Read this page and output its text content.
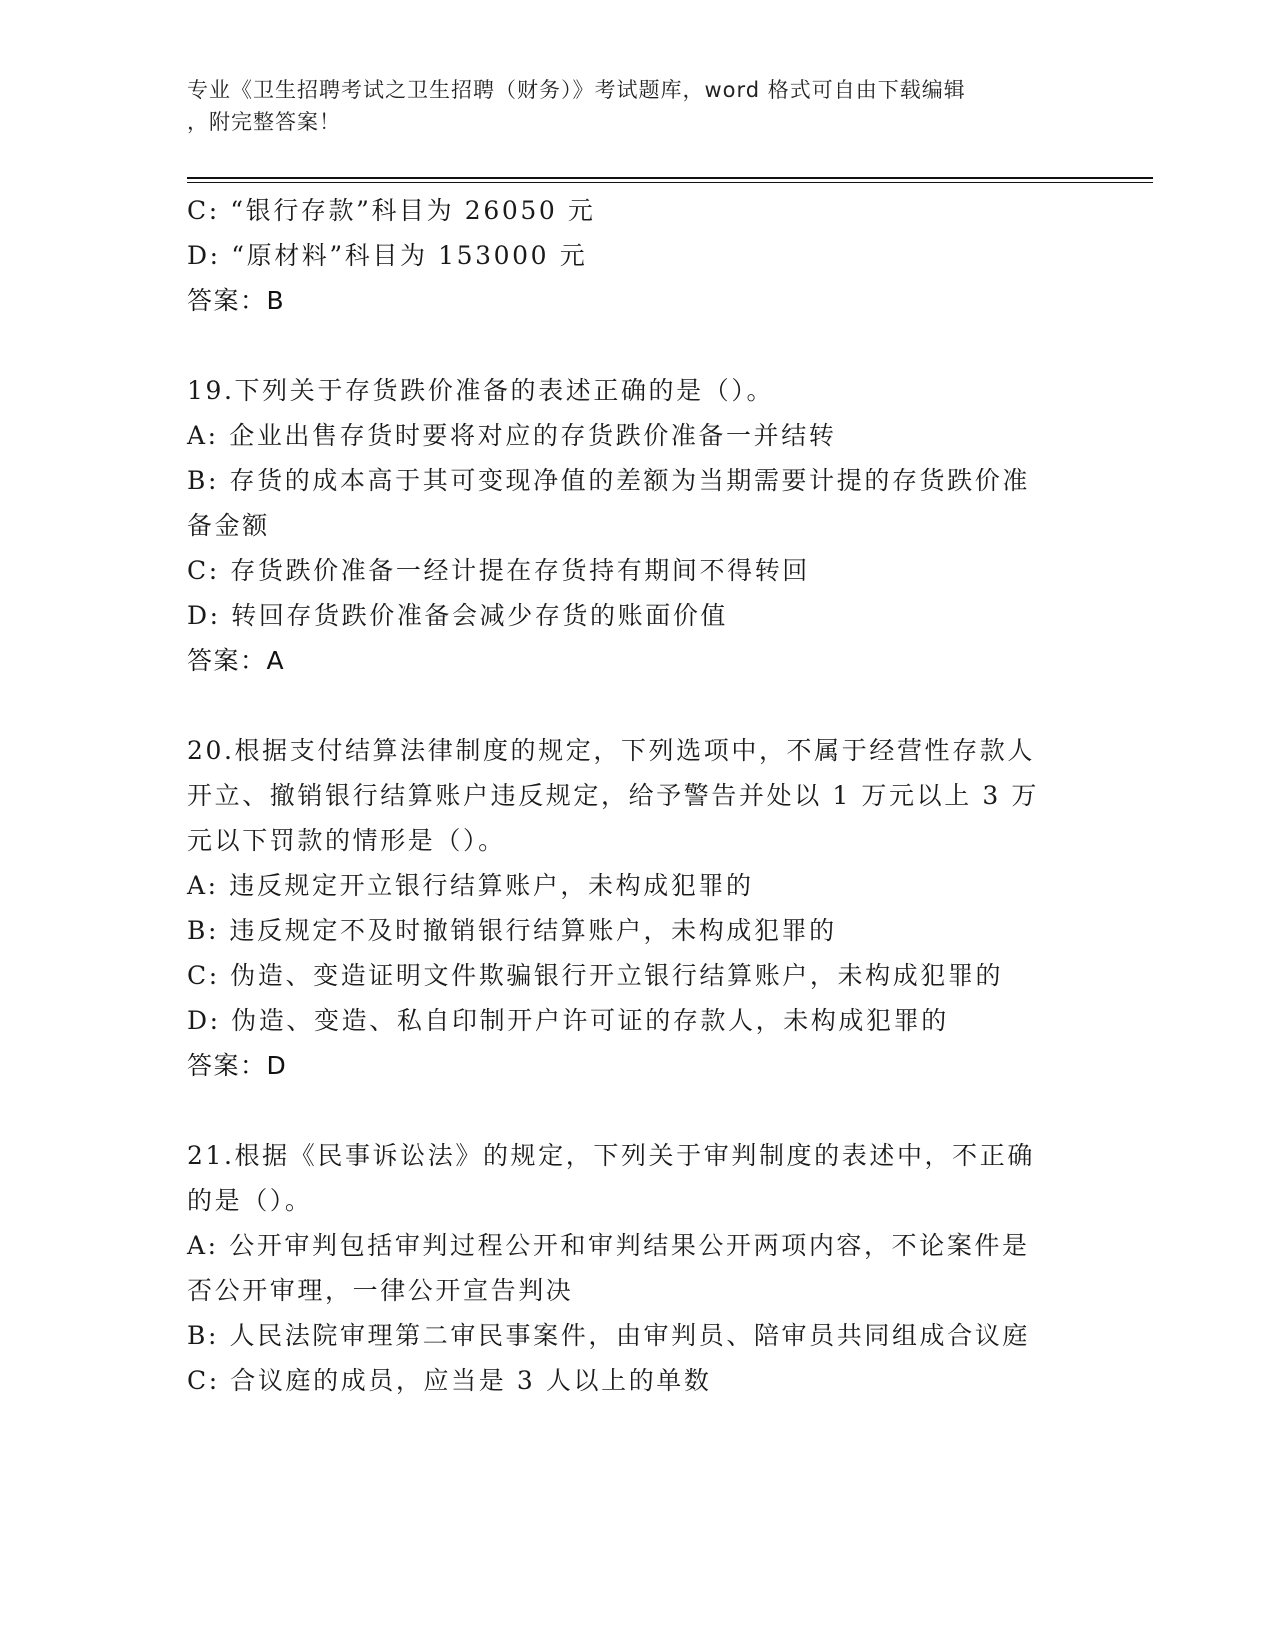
专业《卫生招聘考试之卫生招聘（财务）》考试题库，word 格式可自由下载编辑
，附完整答案！
C: “银行存款”科目为 26050 元
D: “原材料”科目为 153000 元
答案：B
19.下列关于存货跌价准备的表述正确的是（）。
A: 企业出售存货时要将对应的存货跌价准备一并结转
B: 存货的成本高于其可变现净值的差额为当期需要计提的存货跌价准
备金额
C: 存货跌价准备一经计提在存货持有期间不得转回
D: 转回存货跌价准备会减少存货的账面价值
答案：A
20.根据支付结算法律制度的规定，下列选项中，不属于经营性存款人
开立、撤销银行结算账户违反规定，给予警告并处以 1 万元以上 3 万
元以下罚款的情形是（）。
A: 违反规定开立银行结算账户，未构成犯罪的
B: 违反规定不及时撤销银行结算账户，未构成犯罪的
C: 伪造、变造证明文件欺骗银行开立银行结算账户，未构成犯罪的
D: 伪造、变造、私自印制开户许可证的存款人，未构成犯罪的
答案：D
21.根据《民事诉讼法》的规定，下列关于审判制度的表述中，不正确
的是（）。
A: 公开审判包括审判过程公开和审判结果公开两项内容，不论案件是
否公开审理，一律公开宣告判决
B: 人民法院审理第二审民事案件，由审判员、陪审员共同组成合议庭
C: 合议庭的成员，应当是 3 人以上的单数
